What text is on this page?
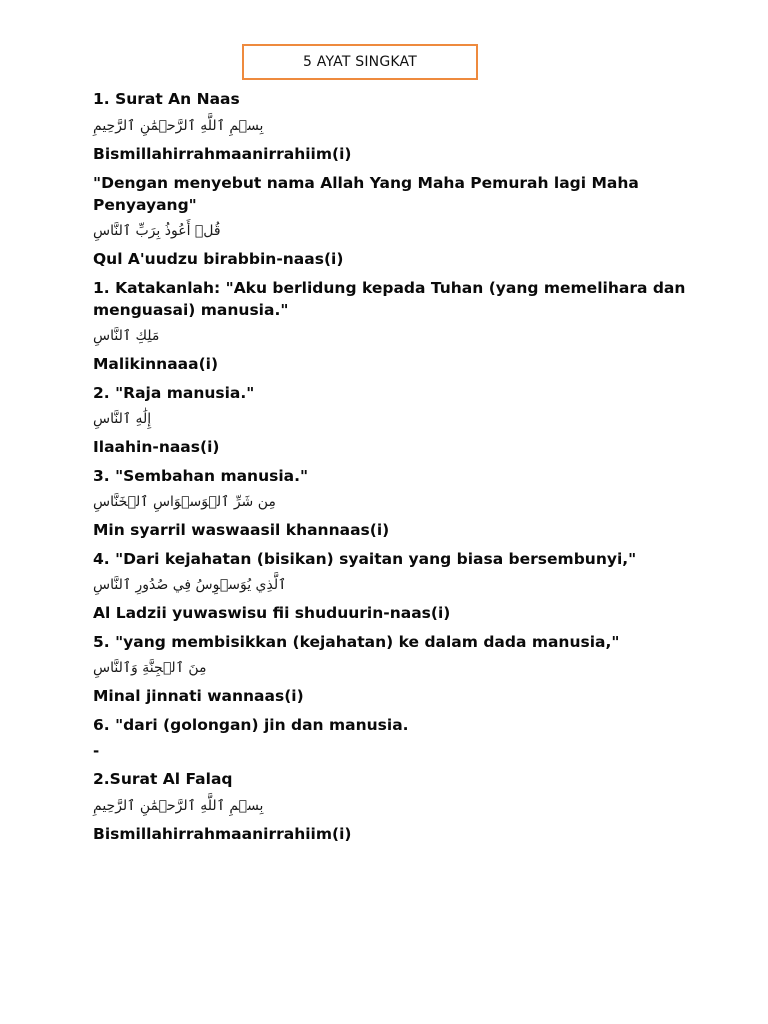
5 AYAT SINGKAT

1. Surat An Naas

بِسۡمِ ٱللَّهِ ٱلرَّحۡمَٰنِ ٱلرَّحِيمِ

Bismillahirrahmaanirrahiim(i)

"Dengan menyebut nama Allah Yang Maha Pemurah lagi Maha Penyayang"

قُلۡ أَعُوذُ بِرَبِّ ٱلنَّاسِ

Qul A'uudzu birabbin-naas(i)

1. Katakanlah: "Aku berlidung kepada Tuhan (yang memelihara dan menguasai) manusia."

مَلِكِ ٱلنَّاسِ

Malikinnaaa(i)

2. "Raja manusia."

إِلَٰهِ ٱلنَّاسِ

Ilaahin-naas(i)

3. "Sembahan manusia."

مِن شَرِّ ٱلۡوَسۡوَاسِ ٱلۡخَنَّاسِ

Min syarril waswaasil khannaas(i)

4. "Dari kejahatan (bisikan) syaitan yang biasa bersembunyi,"

ٱلَّذِي يُوَسۡوِسُ فِي صُدُورِ ٱلنَّاسِ

Al Ladzii yuwaswisu fii shuduurin-naas(i)

5. "yang membisikkan (kejahatan) ke dalam dada manusia,"

مِنَ ٱلۡجِنَّةِ وَٱلنَّاسِ

Minal jinnati wannaas(i)

6. "dari (golongan) jin dan manusia.

-

2.Surat Al Falaq

بِسۡمِ ٱللَّهِ ٱلرَّحۡمَٰنِ ٱلرَّحِيمِ

Bismillahirrahmaanirrahiim(i)
